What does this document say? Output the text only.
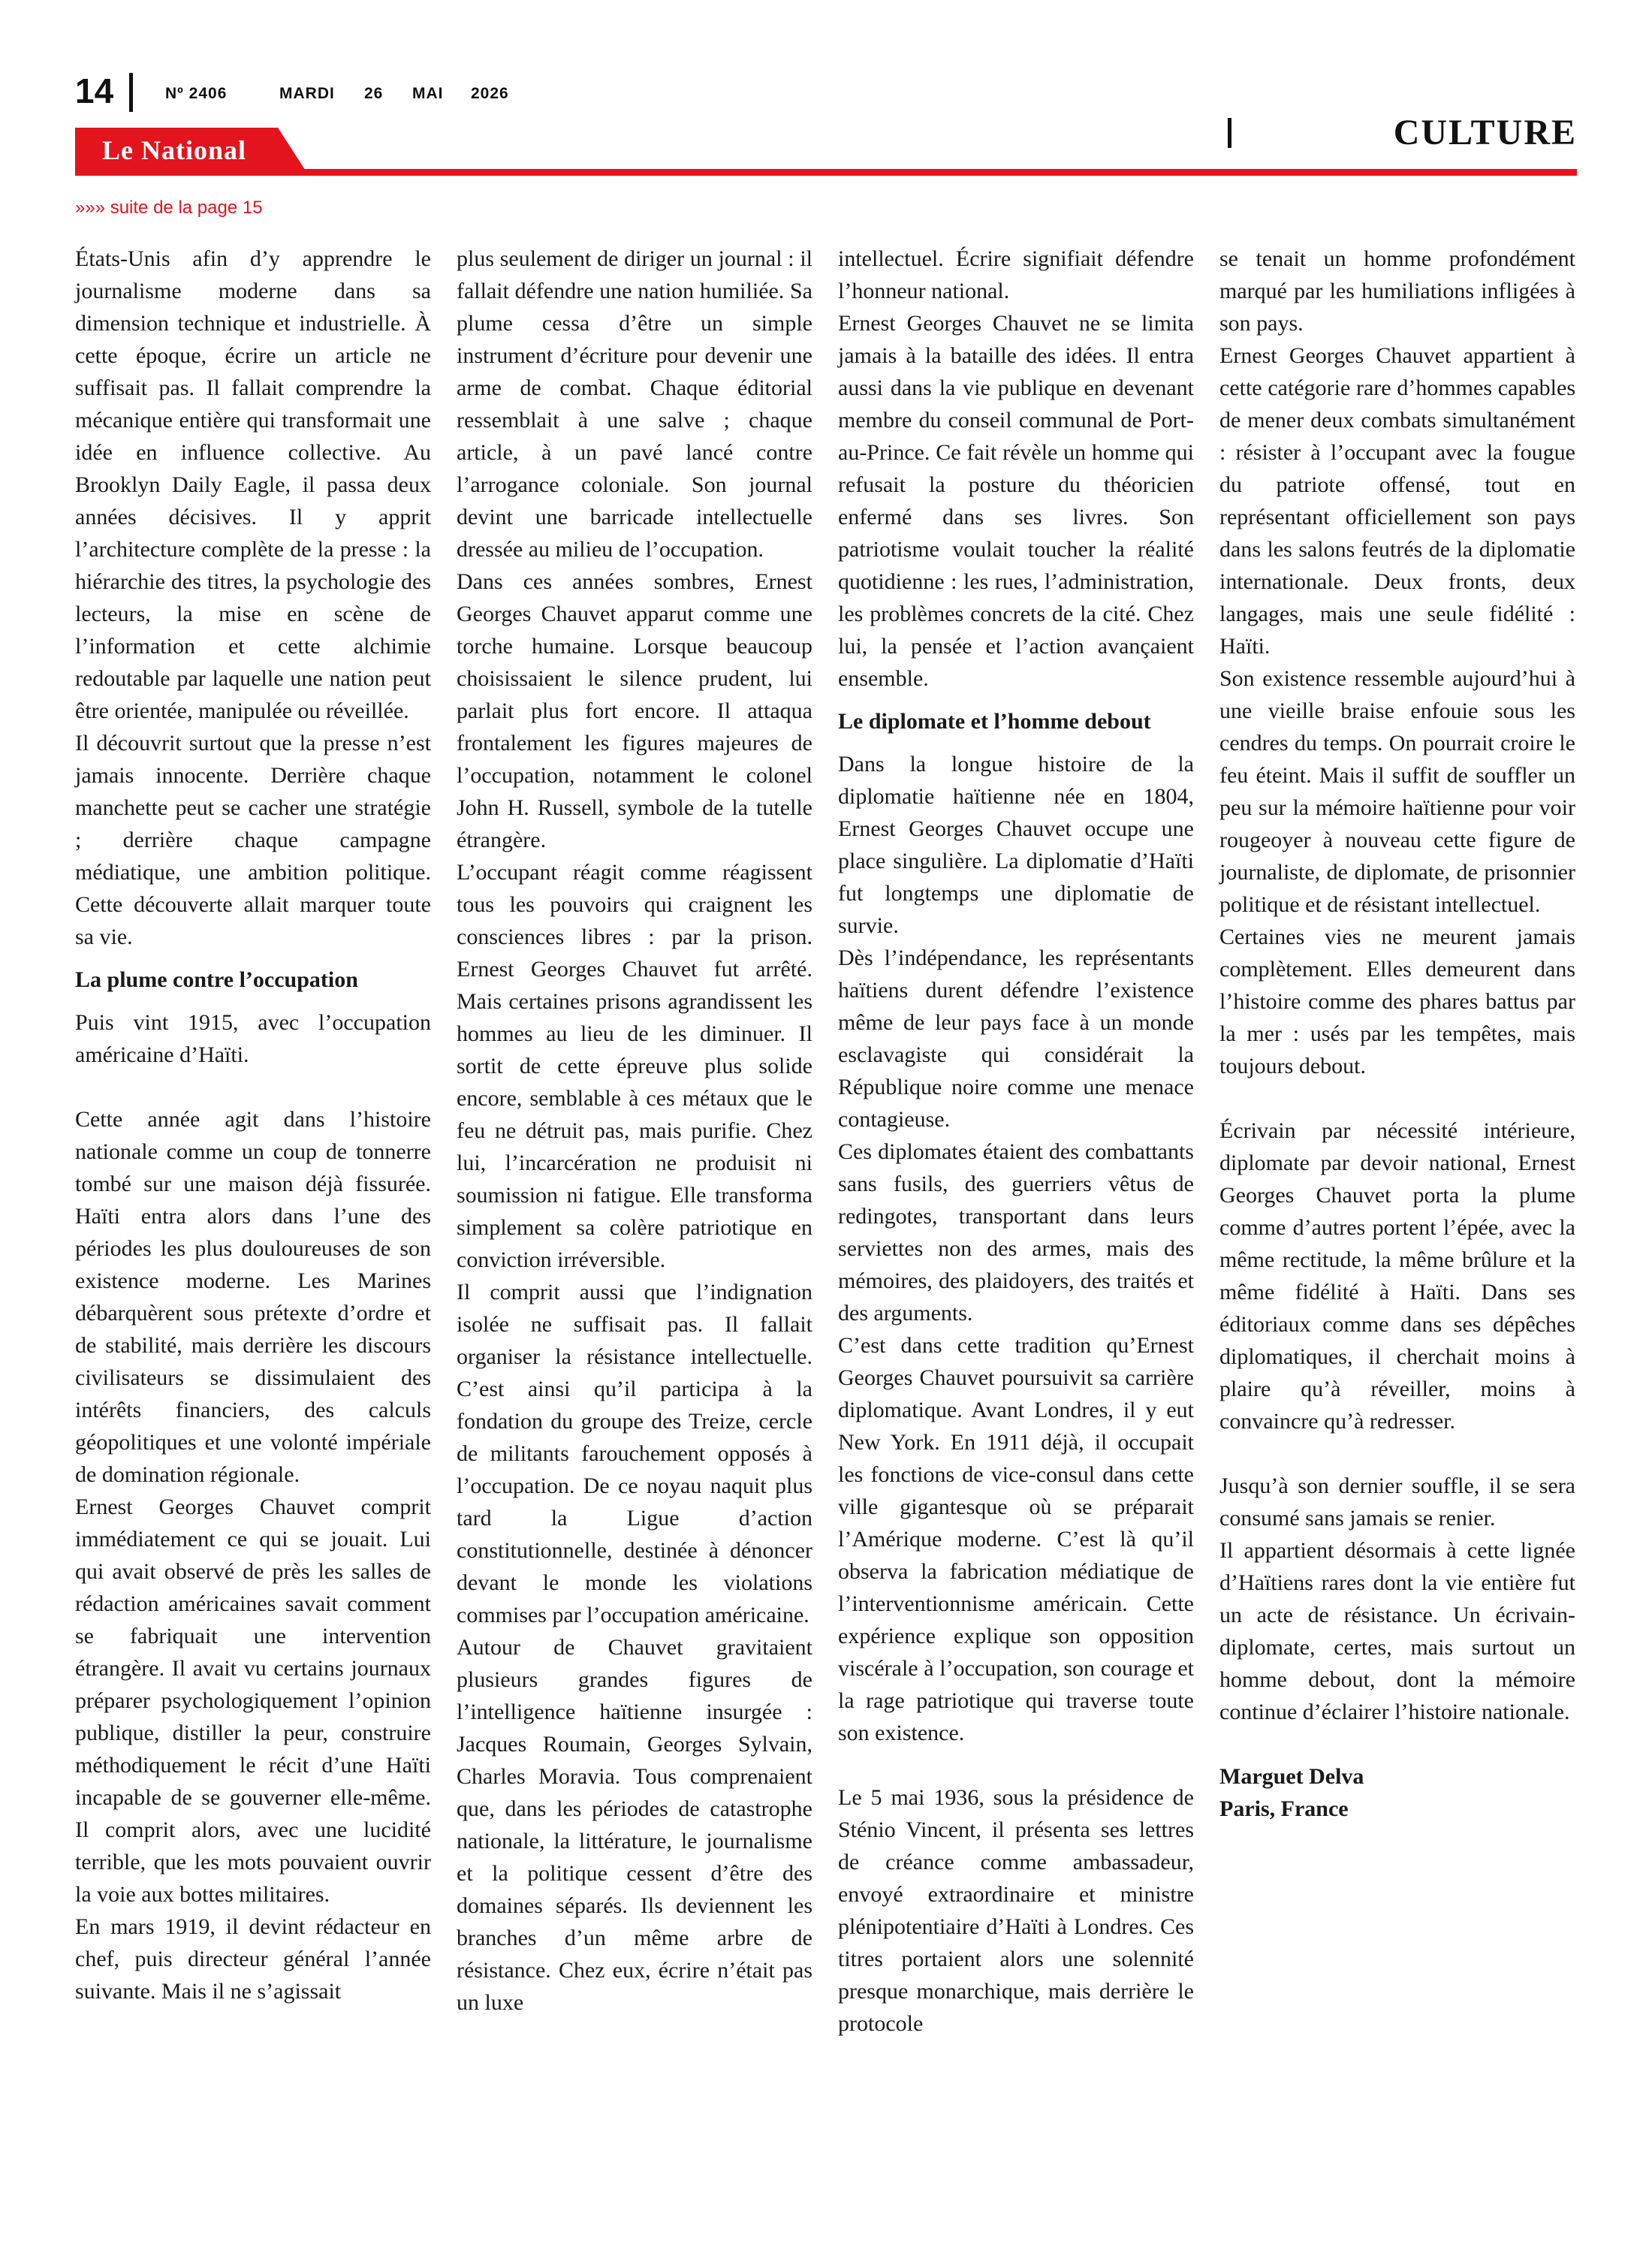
14	Nº 2406	MARDI 26 MAI 2026
CULTURE
Le National
»»» suite de la page 15

États-Unis afin d’y apprendre le journalisme moderne dans sa dimension technique et industrielle. À cette époque, écrire un article ne suffisait pas. Il fallait comprendre la mécanique entière qui transformait une idée en influence collective. Au Brooklyn Daily Eagle, il passa deux années décisives. Il y apprit l’architecture complète de la presse : la hiérarchie des titres, la psychologie des lecteurs, la mise en scène de l’information et cette alchimie redoutable par laquelle une nation peut être orientée, manipulée ou réveillée.

Il découvrit surtout que la presse n’est jamais innocente. Derrière chaque manchette peut se cacher une stratégie ; derrière chaque campagne médiatique, une ambition politique. Cette découverte allait marquer toute sa vie.

La plume contre l’occupation

Puis vint 1915, avec l’occupation américaine d’Haïti.

Cette année agit dans l’histoire nationale comme un coup de tonnerre tombé sur une maison déjà fissurée. Haïti entra alors dans l’une des périodes les plus douloureuses de son existence moderne. Les Marines débarquèrent sous prétexte d’ordre et de stabilité, mais derrière les discours civilisateurs se dissimulaient des intérêts financiers, des calculs géopolitiques et une volonté impériale de domination régionale.

Ernest Georges Chauvet comprit immédiatement ce qui se jouait. Lui qui avait observé de près les salles de rédaction américaines savait comment se fabriquait une intervention étrangère. Il avait vu certains journaux préparer psychologiquement l’opinion publique, distiller la peur, construire méthodiquement le récit d’une Haïti incapable de se gouverner elle-même. Il comprit alors, avec une lucidité terrible, que les mots pouvaient ouvrir la voie aux bottes militaires.

En mars 1919, il devint rédacteur en chef, puis directeur général l’année suivante. Mais il ne s’agissait

plus seulement de diriger un journal : il fallait défendre une nation humiliée. Sa plume cessa d’être un simple instrument d’écriture pour devenir une arme de combat. Chaque éditorial ressemblait à une salve ; chaque article, à un pavé lancé contre l’arrogance coloniale. Son journal devint une barricade intellectuelle dressée au milieu de l’occupation.

Dans ces années sombres, Ernest Georges Chauvet apparut comme une torche humaine. Lorsque beaucoup choisissaient le silence prudent, lui parlait plus fort encore. Il attaqua frontalement les figures majeures de l’occupation, notamment le colonel John H. Russell, symbole de la tutelle étrangère.

L’occupant réagit comme réagissent tous les pouvoirs qui craignent les consciences libres : par la prison. Ernest Georges Chauvet fut arrêté. Mais certaines prisons agrandissent les hommes au lieu de les diminuer. Il sortit de cette épreuve plus solide encore, semblable à ces métaux que le feu ne détruit pas, mais purifie. Chez lui, l’incarcération ne produisit ni soumission ni fatigue. Elle transforma simplement sa colère patriotique en conviction irréversible.

Il comprit aussi que l’indignation isolée ne suffisait pas. Il fallait organiser la résistance intellectuelle. C’est ainsi qu’il participa à la fondation du groupe des Treize, cercle de militants farouchement opposés à l’occupation. De ce noyau naquit plus tard la Ligue d’action constitutionnelle, destinée à dénoncer devant le monde les violations commises par l’occupation américaine.

Autour de Chauvet gravitaient plusieurs grandes figures de l’intelligence haïtienne insurgée : Jacques Roumain, Georges Sylvain, Charles Moravia. Tous comprenaient que, dans les périodes de catastrophe nationale, la littérature, le journalisme et la politique cessent d’être des domaines séparés. Ils deviennent les branches d’un même arbre de résistance. Chez eux, écrire n’était pas un luxe

intellectuel. Écrire signifiait défendre l’honneur national.

Ernest Georges Chauvet ne se limita jamais à la bataille des idées. Il entra aussi dans la vie publique en devenant membre du conseil communal de Port-au-Prince. Ce fait révèle un homme qui refusait la posture du théoricien enfermé dans ses livres. Son patriotisme voulait toucher la réalité quotidienne : les rues, l’administration, les problèmes concrets de la cité. Chez lui, la pensée et l’action avançaient ensemble.

Le diplomate et l’homme debout

Dans la longue histoire de la diplomatie haïtienne née en 1804, Ernest Georges Chauvet occupe une place singulière. La diplomatie d’Haïti fut longtemps une diplomatie de survie.

Dès l’indépendance, les représentants haïtiens durent défendre l’existence même de leur pays face à un monde esclavagiste qui considérait la République noire comme une menace contagieuse.

Ces diplomates étaient des combattants sans fusils, des guerriers vêtus de redingotes, transportant dans leurs serviettes non des armes, mais des mémoires, des plaidoyers, des traités et des arguments.

C’est dans cette tradition qu’Ernest Georges Chauvet poursuivit sa carrière diplomatique. Avant Londres, il y eut New York. En 1911 déjà, il occupait les fonctions de vice-consul dans cette ville gigantesque où se préparait l’Amérique moderne. C’est là qu’il observa la fabrication médiatique de l’interventionnisme américain. Cette expérience explique son opposition viscérale à l’occupation, son courage et la rage patriotique qui traverse toute son existence.

Le 5 mai 1936, sous la présidence de Sténio Vincent, il présenta ses lettres de créance comme ambassadeur, envoyé extraordinaire et ministre plénipotentiaire d’Haïti à Londres. Ces titres portaient alors une solennité presque monarchique, mais derrière le protocole

se tenait un homme profondément marqué par les humiliations infligées à son pays.

Ernest Georges Chauvet appartient à cette catégorie rare d’hommes capables de mener deux combats simultanément : résister à l’occupant avec la fougue du patriote offensé, tout en représentant officiellement son pays dans les salons feutrés de la diplomatie internationale. Deux fronts, deux langages, mais une seule fidélité : Haïti.

Son existence ressemble aujourd’hui à une vieille braise enfouie sous les cendres du temps. On pourrait croire le feu éteint. Mais il suffit de souffler un peu sur la mémoire haïtienne pour voir rougeoyer à nouveau cette figure de journaliste, de diplomate, de prisonnier politique et de résistant intellectuel.

Certaines vies ne meurent jamais complètement. Elles demeurent dans l’histoire comme des phares battus par la mer : usés par les tempêtes, mais toujours debout.

Écrivain par nécessité intérieure, diplomate par devoir national, Ernest Georges Chauvet porta la plume comme d’autres portent l’épée, avec la même rectitude, la même brûlure et la même fidélité à Haïti. Dans ses éditoriaux comme dans ses dépêches diplomatiques, il cherchait moins à plaire qu’à réveiller, moins à convaincre qu’à redresser.

Jusqu’à son dernier souffle, il se sera consumé sans jamais se renier.

Il appartient désormais à cette lignée d’Haïtiens rares dont la vie entière fut un acte de résistance. Un écrivain-diplomate, certes, mais surtout un homme debout, dont la mémoire continue d’éclairer l’histoire nationale.

Marguet Delva

Paris, France
